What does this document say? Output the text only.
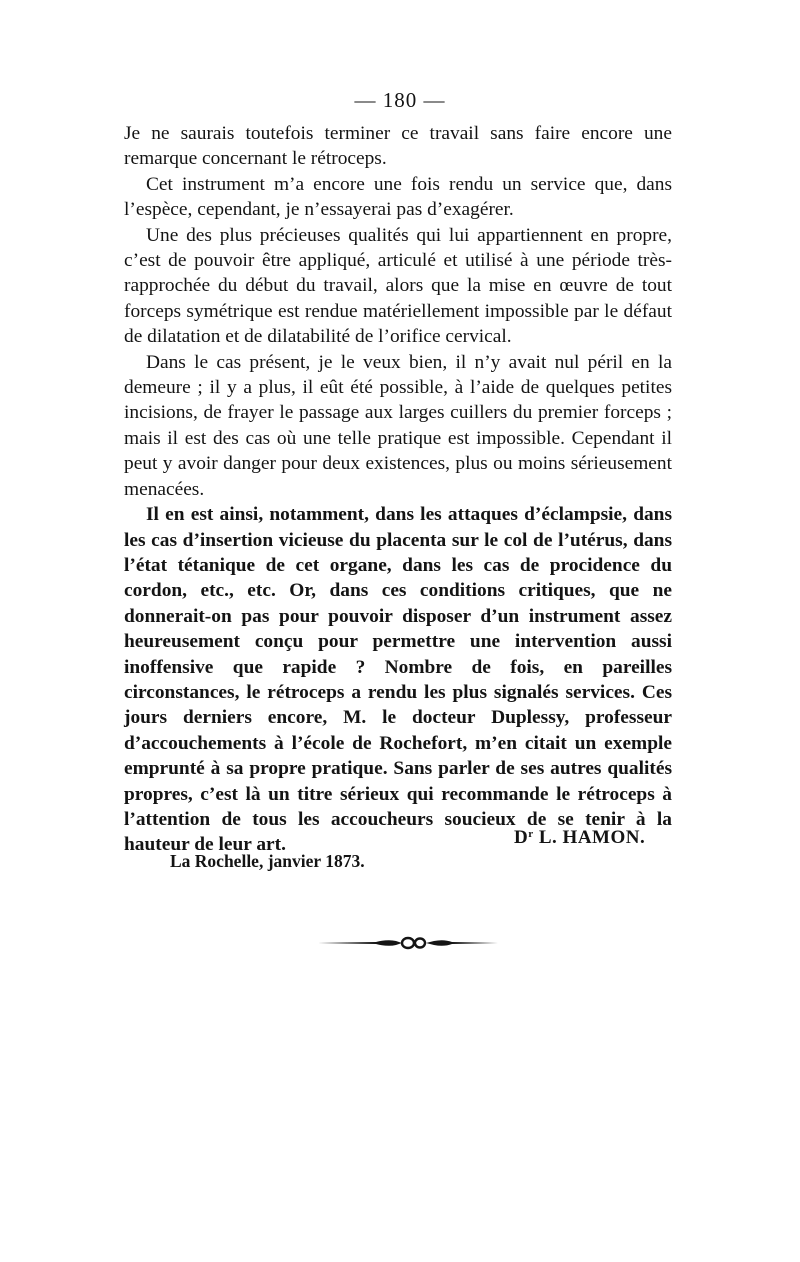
— 180 —

Je ne saurais toutefois terminer ce travail sans faire encore une remarque concernant le rétroceps.

Cet instrument m’a encore une fois rendu un service que, dans l’espèce, cependant, je n’essayerai pas d’exagérer.

Une des plus précieuses qualités qui lui appartiennent en propre, c’est de pouvoir être appliqué, articulé et utilisé à une période très-rapprochée du début du travail, alors que la mise en œuvre de tout forceps symétrique est rendue matériellement impossible par le défaut de dilatation et de dilatabilité de l’orifice cervical.

Dans le cas présent, je le veux bien, il n’y avait nul péril en la demeure ; il y a plus, il eût été possible, à l’aide de quelques petites incisions, de frayer le passage aux larges cuillers du premier forceps ; mais il est des cas où une telle pratique est impossible. Cependant il peut y avoir danger pour deux existences, plus ou moins sérieusement menacées.

Il en est ainsi, notamment, dans les attaques d’éclampsie, dans les cas d’insertion vicieuse du placenta sur le col de l’utérus, dans l’état tétanique de cet organe, dans les cas de procidence du cordon, etc., etc. Or, dans ces conditions critiques, que ne donnerait-on pas pour pouvoir disposer d’un instrument assez heureusement conçu pour permettre une intervention aussi inoffensive que rapide ? Nombre de fois, en pareilles circonstances, le rétroceps a rendu les plus signalés services. Ces jours derniers encore, M. le docteur Duplessy, professeur d’accouchements à l’école de Rochefort, m’en citait un exemple emprunté à sa propre pratique. Sans parler de ses autres qualités propres, c’est là un titre sérieux qui recommande le rétroceps à l’attention de tous les accoucheurs soucieux de se tenir à la hauteur de leur art.	$D^r$ L. HAMON.
La Rochelle, janvier 1873.
